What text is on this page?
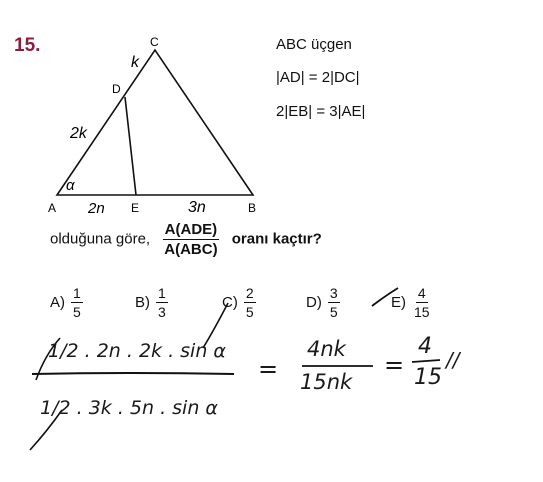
15.	C
D
A	E	B
k
2k
α
2n	3n
ABC üçgen
|AD| = 2|DC|
2|EB| = 3|AE|
olduğuna göre, $\frac{\text{A(ADE)}}{\text{A(ABC)}}$ oranı kaçtır?
A)
1
5
B)
1
3
C)
2
5
D)
3
5
E)
4
15
1/2 . 2n . 2k . sin α
1/2 . 3k . 5n . sin α
=
4nk
15nk
=
4
15
//
